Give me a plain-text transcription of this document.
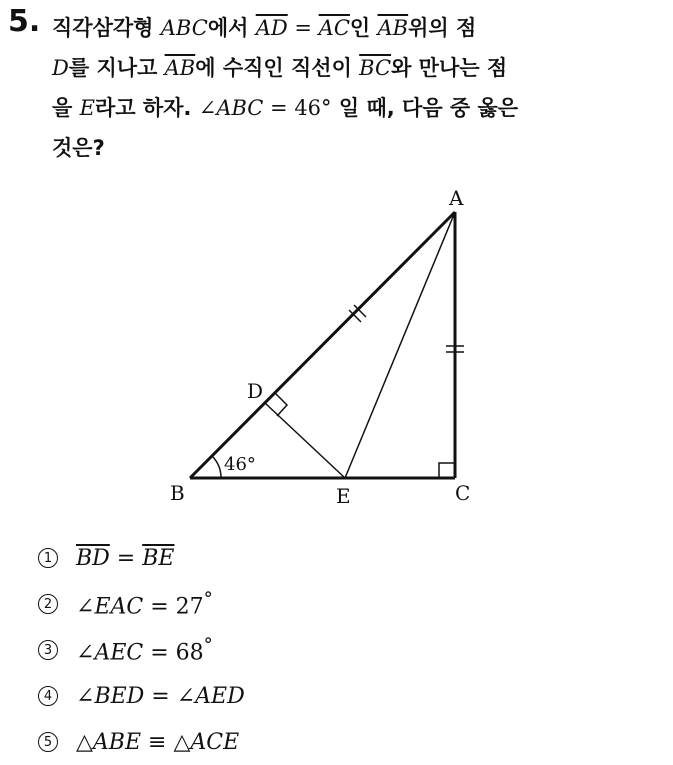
5. 직각삼각형 ABC에서 $\overline{AD} = \overline{AC}$인 $\overline{AB}$위의 점
D를 지나고 $\overline{AB}$에 수직인 직선이 $\overline{BC}$와 만나는 점
을 E라고 하자. ∠ABC = 46° 일 때, 다음 중 옳은
것은?
A
B	C
D
E
46°
1 $\overline{BD} = \overline{BE}$
2 ∠EAC = 27°
3 ∠AEC = 68°
4 ∠BED = ∠AED
5 △ABE ≡ △ACE
